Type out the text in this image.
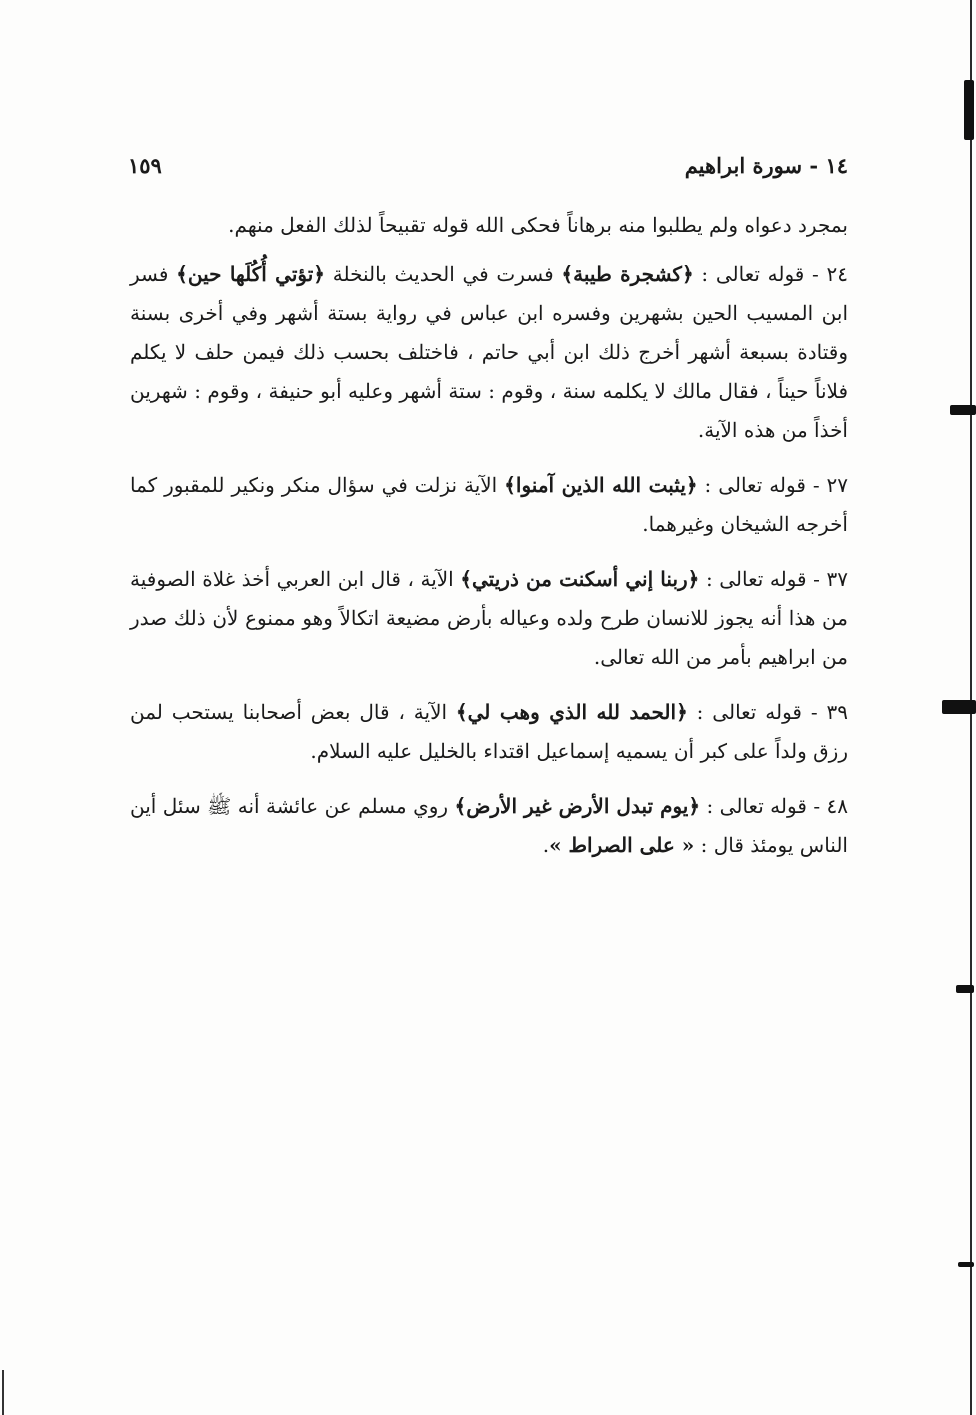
١٤ - سورة ابراهيم
١٥٩

بمجرد دعواه ولم يطلبوا منه برهاناً فحكى الله قوله تقبيحاً لذلك الفعل منهم.

٢٤ - قوله تعالى : ﴿كشجرة طيبة﴾ فسرت في الحديث بالنخلة ﴿تؤتي أُكُلَها حين﴾ فسر ابن المسيب الحين بشهرين وفسره ابن عباس في رواية بستة أشهر وفي أخرى بسنة وقتادة بسبعة أشهر أخرج ذلك ابن أبي حاتم ، فاختلف بحسب ذلك فيمن حلف لا يكلم فلاناً حيناً ، فقال مالك لا يكلمه سنة ، وقوم : ستة أشهر وعليه أبو حنيفة ، وقوم : شهرين أخذاً من هذه الآية.

٢٧ - قوله تعالى : ﴿يثبت الله الذين آمنوا﴾ الآية نزلت في سؤال منكر ونكير للمقبور كما أخرجه الشيخان وغيرهما.

٣٧ - قوله تعالى : ﴿ربنا إني أسكنت من ذريتي﴾ الآية ، قال ابن العربي أخذ غلاة الصوفية من هذا أنه يجوز للانسان طرح ولده وعياله بأرض مضيعة اتكالاً وهو ممنوع لأن ذلك صدر من ابراهيم بأمر من الله تعالى.

٣٩ - قوله تعالى : ﴿الحمد لله الذي وهب لي﴾ الآية ، قال بعض أصحابنا يستحب لمن رزق ولداً على كبر أن يسميه إسماعيل اقتداء بالخليل عليه السلام.

٤٨ - قوله تعالى : ﴿يوم تبدل الأرض غير الأرض﴾ روي مسلم عن عائشة أنه ﷺ سئل أين الناس يومئذ قال : « على الصراط ».
